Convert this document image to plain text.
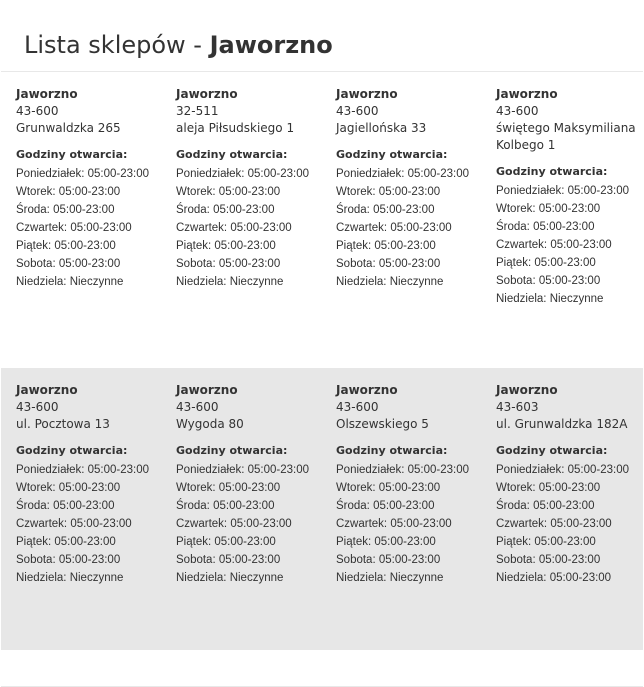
Lista sklepów - Jaworzno
Jaworzno
43-600
Grunwaldzka 265
Godziny otwarcia:
Poniedziałek: 05:00-23:00
Wtorek: 05:00-23:00
Środa: 05:00-23:00
Czwartek: 05:00-23:00
Piątek: 05:00-23:00
Sobota: 05:00-23:00
Niedziela: Nieczynne
Jaworzno
32-511
aleja Piłsudskiego 1
Godziny otwarcia:
Poniedziałek: 05:00-23:00
Wtorek: 05:00-23:00
Środa: 05:00-23:00
Czwartek: 05:00-23:00
Piątek: 05:00-23:00
Sobota: 05:00-23:00
Niedziela: Nieczynne
Jaworzno
43-600
Jagiellońska 33
Godziny otwarcia:
Poniedziałek: 05:00-23:00
Wtorek: 05:00-23:00
Środa: 05:00-23:00
Czwartek: 05:00-23:00
Piątek: 05:00-23:00
Sobota: 05:00-23:00
Niedziela: Nieczynne
Jaworzno
43-600
świętego Maksymiliana Kolbego 1
Godziny otwarcia:
Poniedziałek: 05:00-23:00
Wtorek: 05:00-23:00
Środa: 05:00-23:00
Czwartek: 05:00-23:00
Piątek: 05:00-23:00
Sobota: 05:00-23:00
Niedziela: Nieczynne
Jaworzno
43-600
ul. Pocztowa 13
Godziny otwarcia:
Poniedziałek: 05:00-23:00
Wtorek: 05:00-23:00
Środa: 05:00-23:00
Czwartek: 05:00-23:00
Piątek: 05:00-23:00
Sobota: 05:00-23:00
Niedziela: Nieczynne
Jaworzno
43-600
Wygoda 80
Godziny otwarcia:
Poniedziałek: 05:00-23:00
Wtorek: 05:00-23:00
Środa: 05:00-23:00
Czwartek: 05:00-23:00
Piątek: 05:00-23:00
Sobota: 05:00-23:00
Niedziela: Nieczynne
Jaworzno
43-600
Olszewskiego 5
Godziny otwarcia:
Poniedziałek: 05:00-23:00
Wtorek: 05:00-23:00
Środa: 05:00-23:00
Czwartek: 05:00-23:00
Piątek: 05:00-23:00
Sobota: 05:00-23:00
Niedziela: Nieczynne
Jaworzno
43-603
ul. Grunwaldzka 182A
Godziny otwarcia:
Poniedziałek: 05:00-23:00
Wtorek: 05:00-23:00
Środa: 05:00-23:00
Czwartek: 05:00-23:00
Piątek: 05:00-23:00
Sobota: 05:00-23:00
Niedziela: 05:00-23:00
